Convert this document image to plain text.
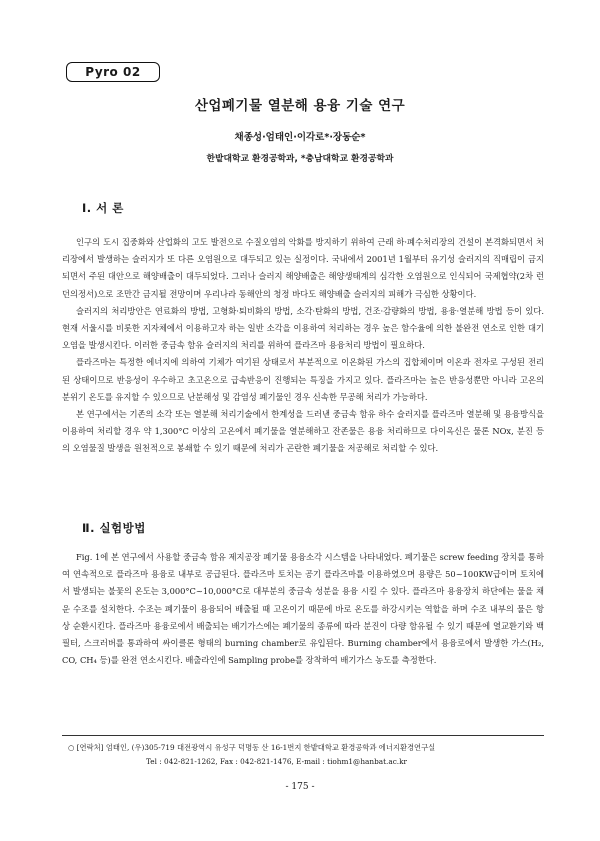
Pyro 02
산업폐기물 열분해 용융 기술 연구
채종성·엄태인·이각로*·장동순*
한밭대학교 환경공학과, *충남대학교 환경공학과
Ⅰ. 서 론

인구의 도시 집중화와 산업화의 고도 발전으로 수질오염의 악화를 방지하기 위하여 근래 하·폐수처리장의 건설이 본격화되면서 처리장에서 발생하는 슬러지가 또 다른 오염원으로 대두되고 있는 실정이다. 국내에서 2001년 1월부터 유기성 슬러지의 직매립이 금지되면서 주된 대안으로 해양배출이 대두되었다. 그러나 슬러지 해양배출은 해양생태계의 심각한 오염원으로 인식되어 국제협약(2차 런던의정서)으로 조만간 금지될 전망이며 우리나라 동해안의 청정 바다도 해양배출 슬러지의 피해가 극심한 상황이다.

슬러지의 처리방안은 연료화의 방법, 고형화·퇴비화의 방법, 소각·탄화의 방법, 건조·감량화의 방법, 용융·열분해 방법 등이 있다. 현재 서울시를 비롯한 지자체에서 이용하고자 하는 일반 소각을 이용하여 처리하는 경우 높은 함수율에 의한 불완전 연소로 인한 대기오염을 발생시킨다. 이러한 중금속 함유 슬러지의 처리를 위하여 플라즈마 용융처리 방법이 필요하다.

플라즈마는 특정한 에너지에 의하여 기체가 여기된 상태로서 부분적으로 이온화된 가스의 집합체이며 이온과 전자로 구성된 전리된 상태이므로 반응성이 우수하고 초고온으로 급속반응이 진행되는 특징을 가지고 있다. 플라즈마는 높은 반응성뿐만 아니라 고온의 분위기 온도를 유지할 수 있으므로 난분해성 및 감염성 폐기물인 경우 신속한 무공해 처리가 가능하다.

본 연구에서는 기존의 소각 또는 열분해 처리기술에서 한계성을 드러낸 중금속 함유 하수 슬러지를 플라즈마 열분해 및 용융방식을 이용하여 처리할 경우 약 1,300°C 이상의 고온에서 폐기물을 열분해하고 잔존물은 용융 처리하므로 다이옥신은 물론 NOx, 분진 등의 오염물질 발생을 원천적으로 봉쇄할 수 있기 때문에 처리가 곤란한 폐기물을 저공해로 처리할 수 있다.

Ⅱ. 실험방법

Fig. 1에 본 연구에서 사용할 중금속 함유 제지공장 폐기물 용융소각 시스템을 나타내었다. 폐기물은 screw feeding 장치를 통하여 연속적으로 플라즈마 용융로 내부로 공급된다. 플라즈마 토치는 공기 플라즈마를 이용하였으며 용량은 50~100KW급이며 토치에서 발생되는 불꽃의 온도는 3,000°C~10,000°C로 대부분의 중금속 성분을 용융 시킬 수 있다. 플라즈마 용융장치 하단에는 물을 채운 수조를 설치한다. 수조는 폐기물이 용융되어 배출될 때 고온이기 때문에 바로 온도를 하강시키는 역할을 하며 수조 내부의 물은 항상 순환시킨다. 플라즈마 용융로에서 배출되는 배기가스에는 폐기물의 종류에 따라 분진이 다량 함유될 수 있기 때문에 열교환기와 백필터, 스크러버를 통과하여 싸이클론 형태의 burning chamber로 유입된다. Burning chamber에서 용융로에서 발생한 가스(H₂, CO, CH₄ 등)를 완전 연소시킨다. 배출라인에 Sampling probe를 장착하여 배기가스 농도를 측정한다.

○ [연락처] 엄태인, (우)305-719 대전광역시 유성구 덕명동 산 16-1번지 한밭대학교 환경공학과 에너지환경연구실
Tel : 042-821-1262, Fax : 042-821-1476, E-mail : tiohm1@hanbat.ac.kr
- 175 -
